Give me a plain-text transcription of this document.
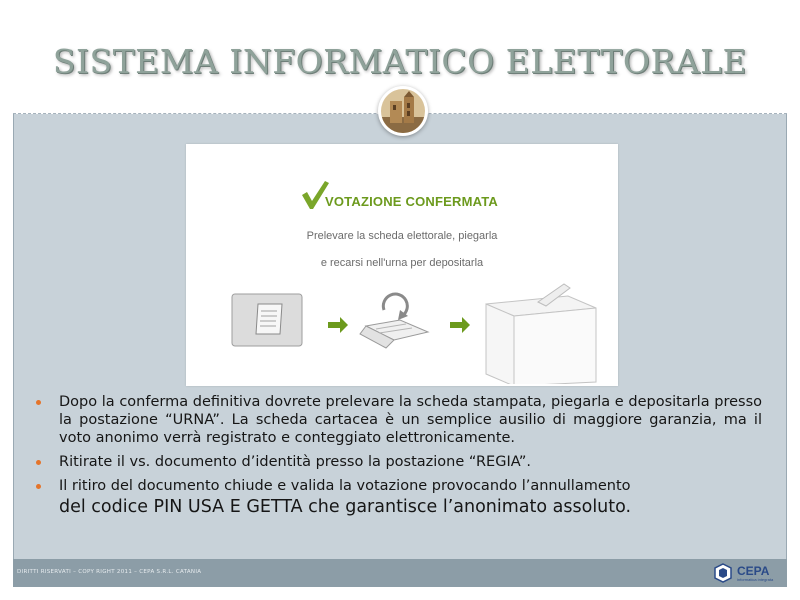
SISTEMA INFORMATICO ELETTORALE
VOTAZIONE CONFERMATA
Prelevare la scheda elettorale, piegarla
e recarsi nell'urna per depositarla
Dopo la conferma definitiva dovrete prelevare la scheda stampata, piegarla e depositarla presso la postazione “URNA”. La scheda cartacea è un semplice ausilio di maggiore garanzia, ma il voto anonimo verrà registrato e conteggiato elettronicamente.
Ritirate il vs. documento d’identità presso la postazione “REGIA”.
Il ritiro del documento chiude e valida la votazione provocando l’annullamento
del codice PIN USA E GETTA che garantisce l’anonimato assoluto.
DIRITTI RISERVATI – COPY RIGHT 2011 – CEPA S.R.L. CATANIA	CEPA
informatica integrata
